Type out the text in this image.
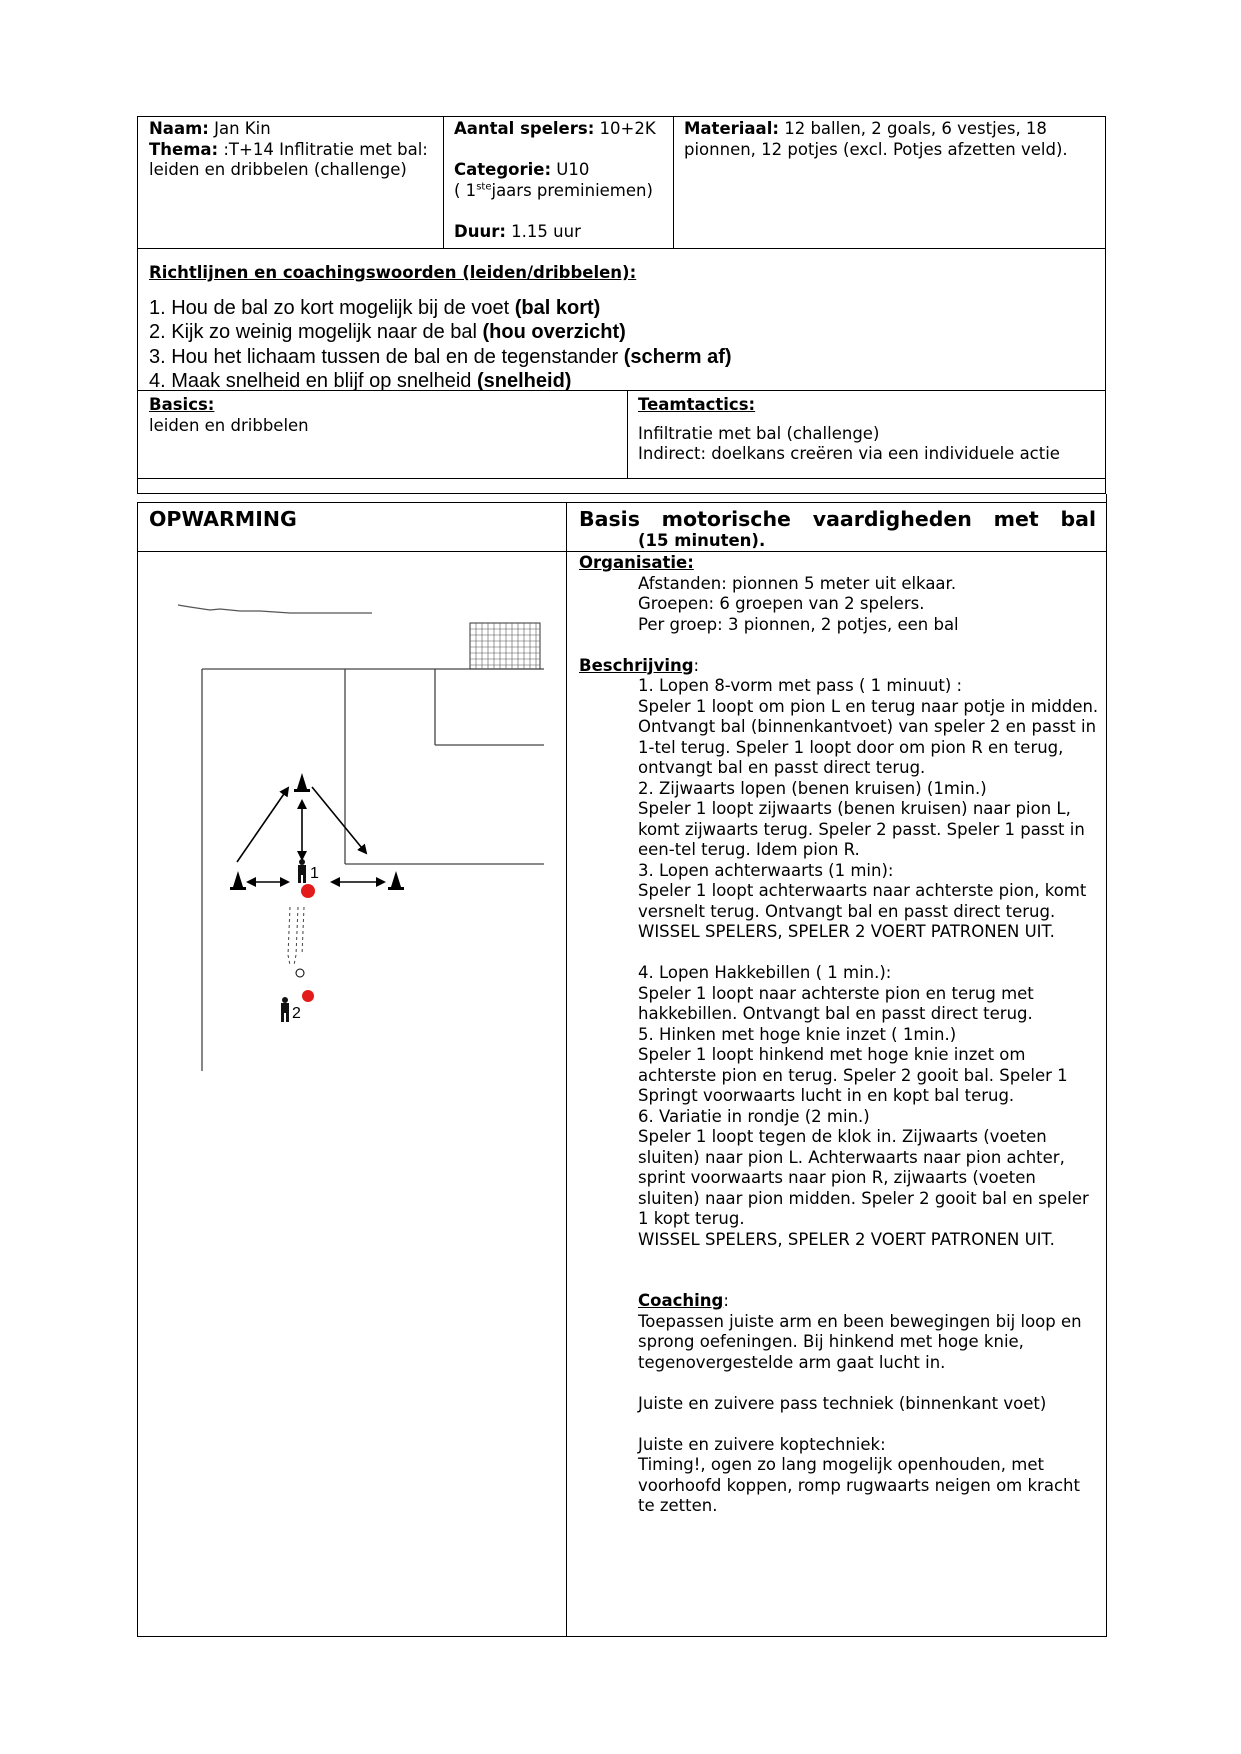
Naam: Jan Kin
Thema: :T+14 Inflitratie met bal: leiden en dribbelen (challenge)
Aantal spelers: 10+2K
Categorie: U10
( 1stejaars preminiemen)
Duur: 1.15 uur
Materiaal: 12 ballen, 2 goals, 6 vestjes, 18 pionnen, 12 potjes (excl. Potjes afzetten veld).
Richtlijnen en coachingswoorden (leiden/dribbelen):
1. Hou de bal zo kort mogelijk bij de voet (bal kort)
2. Kijk zo weinig mogelijk naar de bal (hou overzicht)
3. Hou het lichaam tussen de bal en de tegenstander (scherm af)
4. Maak snelheid en blijf op snelheid (snelheid)
Basics:
leiden en dribbelen
Teamtactics:
Infiltratie met bal (challenge)
Indirect: doelkans creëren via een individuele actie
OPWARMING	Basis motorische vaardigheden met bal
(15 minuten).
1
2
Organisatie:
Afstanden: pionnen 5 meter uit elkaar.
Groepen: 6 groepen van 2 spelers.
Per groep: 3 pionnen, 2 potjes, een bal
Beschrijving:
1. Lopen 8-vorm met pass ( 1 minuut) :
Speler 1 loopt om pion L en terug naar potje in midden. Ontvangt bal (binnenkantvoet) van speler 2 en passt in 1-tel terug. Speler 1 loopt door om pion R en terug, ontvangt bal en passt direct terug.
2. Zijwaarts lopen (benen kruisen) (1min.)
Speler 1 loopt zijwaarts (benen kruisen) naar pion L, komt zijwaarts terug. Speler 2 passt. Speler 1 passt in een-tel terug. Idem pion R.
3. Lopen achterwaarts (1 min):
Speler 1 loopt achterwaarts naar achterste pion, komt versnelt terug. Ontvangt bal en passt direct terug.
WISSEL SPELERS, SPELER 2 VOERT PATRONEN UIT.

4. Lopen Hakkebillen ( 1 min.):
Speler 1 loopt naar achterste pion en terug met hakkebillen. Ontvangt bal en passt direct terug.
5. Hinken met hoge knie inzet ( 1min.)
Speler 1 loopt hinkend met hoge knie inzet om achterste pion en terug. Speler 2 gooit bal. Speler 1 Springt voorwaarts lucht in en kopt bal terug.
6. Variatie in rondje (2 min.)
Speler 1 loopt tegen de klok in. Zijwaarts (voeten sluiten) naar pion L. Achterwaarts naar pion achter, sprint voorwaarts naar pion R, zijwaarts (voeten sluiten) naar pion midden. Speler 2 gooit bal en speler 1 kopt terug.
WISSEL SPELERS, SPELER 2 VOERT PATRONEN UIT.
Coaching:
Toepassen juiste arm en been bewegingen bij loop en sprong oefeningen. Bij hinkend met hoge knie, tegenovergestelde arm gaat lucht in.

Juiste en zuivere pass techniek (binnenkant voet)

Juiste en zuivere koptechniek:
Timing!, ogen zo lang mogelijk openhouden, met voorhoofd koppen, romp rugwaarts neigen om kracht te zetten.
